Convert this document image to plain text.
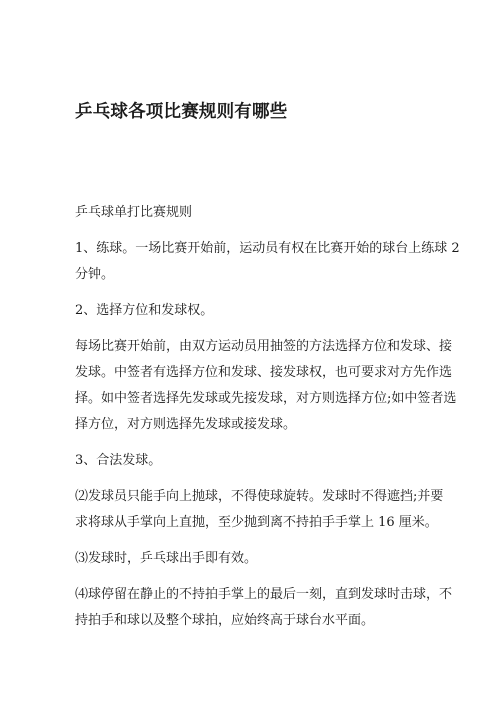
乒乓球各项比赛规则有哪些

乒乓球单打比赛规则

1、练球。一场比赛开始前，运动员有权在比赛开始的球台上练球 2
分钟。

2、选择方位和发球权。

每场比赛开始前，由双方运动员用抽签的方法选择方位和发球、接
发球。中签者有选择方位和发球、接发球权，也可要求对方先作选
择。如中签者选择先发球或先接发球，对方则选择方位;如中签者选
择方位，对方则选择先发球或接发球。

3、合法发球。

⑵发球员只能手向上抛球，不得使球旋转。发球时不得遮挡;并要
求将球从手掌向上直抛，至少抛到离不持拍手手掌上 16 厘米。

⑶发球时，乒乓球出手即有效。

⑷球停留在静止的不持拍手掌上的最后一刻，直到发球时击球，不
持拍手和球以及整个球拍，应始终高于球台水平面。
